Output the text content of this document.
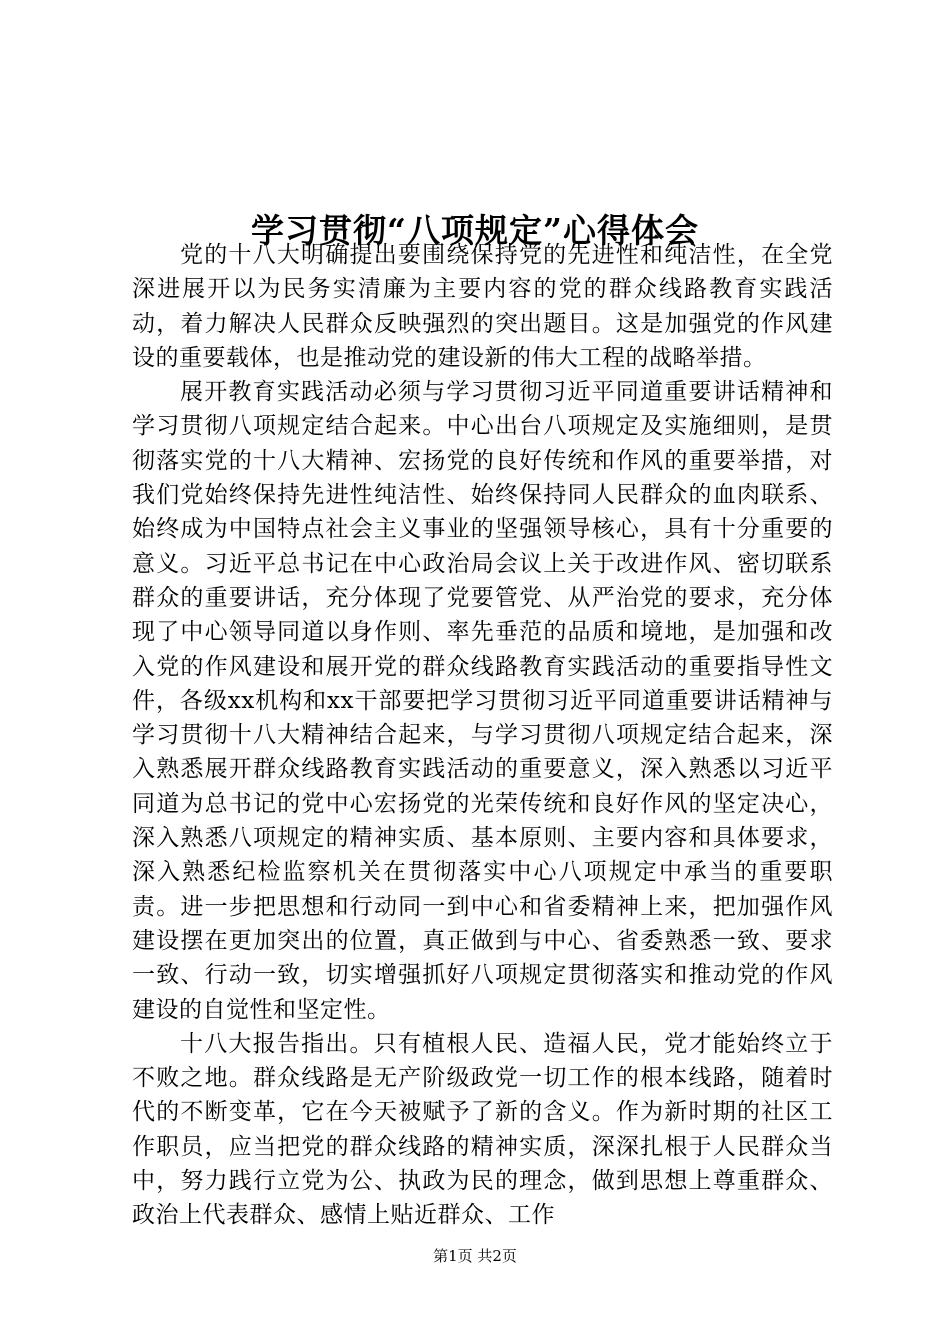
学习贯彻“八项规定”心得体会

党的十八大明确提出要围绕保持党的先进性和纯洁性，在全党深进展开以为民务实清廉为主要内容的党的群众线路教育实践活动，着力解决人民群众反映强烈的突出题目。这是加强党的作风建设的重要载体，也是推动党的建设新的伟大工程的战略举措。

展开教育实践活动必须与学习贯彻习近平同道重要讲话精神和学习贯彻八项规定结合起来。中心出台八项规定及实施细则，是贯彻落实党的十八大精神、宏扬党的良好传统和作风的重要举措，对我们党始终保持先进性纯洁性、始终保持同人民群众的血肉联系、始终成为中国特点社会主义事业的坚强领导核心，具有十分重要的意义。习近平总书记在中心政治局会议上关于改进作风、密切联系群众的重要讲话，充分体现了党要管党、从严治党的要求，充分体现了中心领导同道以身作则、率先垂范的品质和境地，是加强和改入党的作风建设和展开党的群众线路教育实践活动的重要指导性文件，各级xx机构和xx干部要把学习贯彻习近平同道重要讲话精神与学习贯彻十八大精神结合起来，与学习贯彻八项规定结合起来，深入熟悉展开群众线路教育实践活动的重要意义，深入熟悉以习近平同道为总书记的党中心宏扬党的光荣传统和良好作风的坚定决心，深入熟悉八项规定的精神实质、基本原则、主要内容和具体要求，深入熟悉纪检监察机关在贯彻落实中心八项规定中承当的重要职责。进一步把思想和行动同一到中心和省委精神上来，把加强作风建设摆在更加突出的位置，真正做到与中心、省委熟悉一致、要求一致、行动一致，切实增强抓好八项规定贯彻落实和推动党的作风建设的自觉性和坚定性。

十八大报告指出。只有植根人民、造福人民，党才能始终立于不败之地。群众线路是无产阶级政党一切工作的根本线路，随着时代的不断变革，它在今天被赋予了新的含义。作为新时期的社区工作职员，应当把党的群众线路的精神实质，深深扎根于人民群众当中，努力践行立党为公、执政为民的理念，做到思想上尊重群众、政治上代表群众、感情上贴近群众、工作

第1页 共2页
